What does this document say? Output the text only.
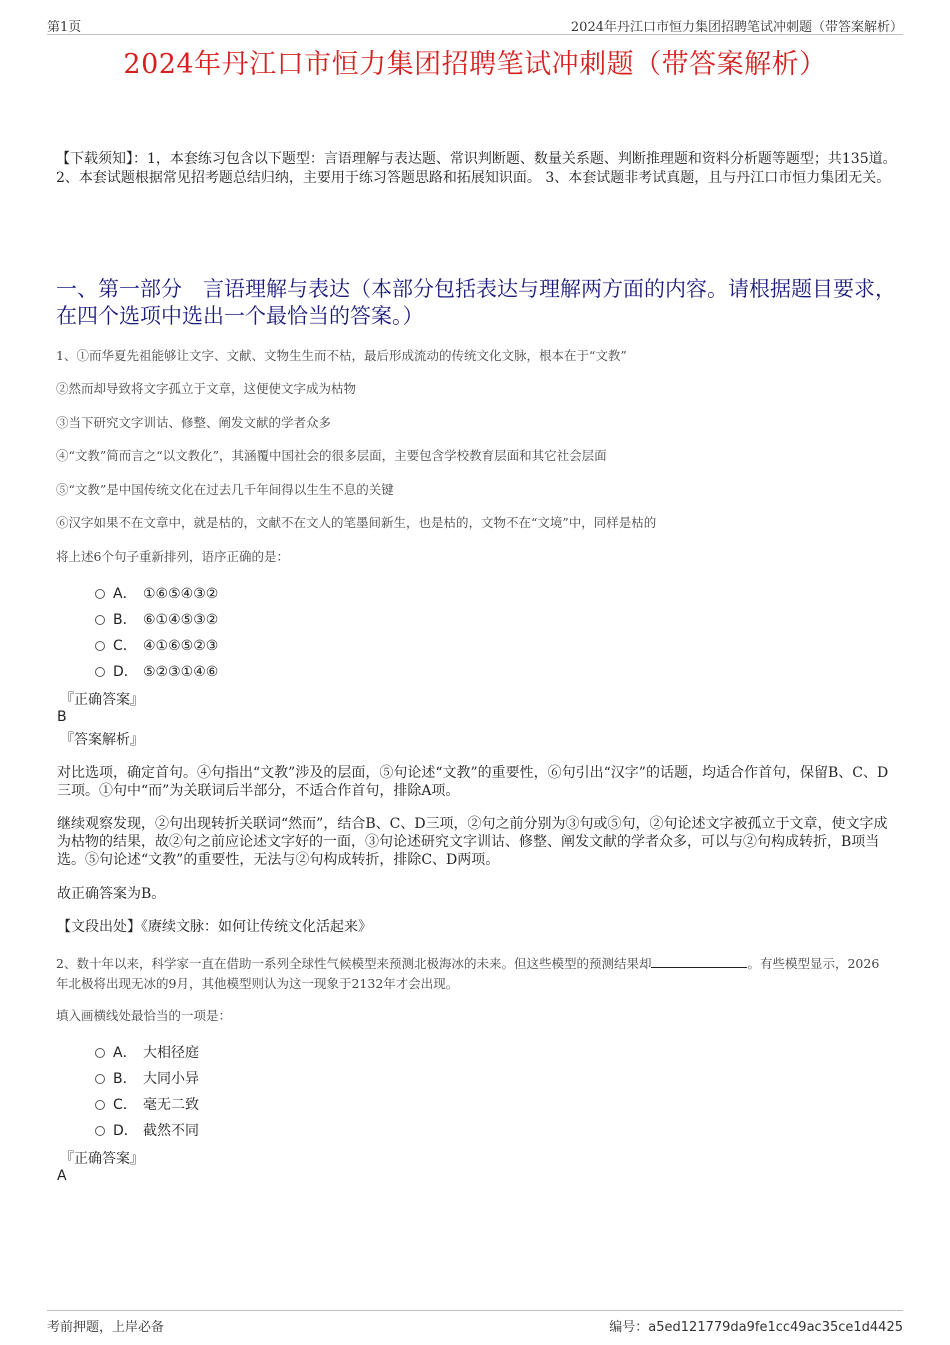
第1页	2024年丹江口市恒力集团招聘笔试冲刺题（带答案解析）
2024年丹江口市恒力集团招聘笔试冲刺题（带答案解析）
【下载须知】：1，本套练习包含以下题型：言语理解与表达题、常识判断题、数量关系题、判断推理题和资料分析题等题型；共135道。 2、本套试题根据常见招考题总结归纳，主要用于练习答题思路和拓展知识面。 3、本套试题非考试真题，且与丹江口市恒力集团无关。
一、第一部分　言语理解与表达（本部分包括表达与理解两方面的内容。请根据题目要求，在四个选项中选出一个最恰当的答案。）
1、①而华夏先祖能够让文字、文献、文物生生而不枯，最后形成流动的传统文化文脉，根本在于“文教”
②然而却导致将文字孤立于文章，这便使文字成为枯物
③当下研究文字训诂、修整、阐发文献的学者众多
④“文教”简而言之“以文教化”，其涵覆中国社会的很多层面，主要包含学校教育层面和其它社会层面
⑤“文教”是中国传统文化在过去几千年间得以生生不息的关键
⑥汉字如果不在文章中，就是枯的，文献不在文人的笔墨间新生，也是枯的，文物不在“文境”中，同样是枯的
将上述6个句子重新排列，语序正确的是：
A． ①⑥⑤④③②
B． ⑥①④⑤③②
C． ④①⑥⑤②③
D． ⑤②③①④⑥
『正确答案』
B
『答案解析』
对比选项，确定首句。④句指出“文教”涉及的层面，⑤句论述“文教”的重要性，⑥句引出“汉字”的话题，均适合作首句，保留B、C、D三项。①句中“而”为关联词后半部分，不适合作首句，排除A项。
继续观察发现，②句出现转折关联词“然而”，结合B、C、D三项，②句之前分别为③句或⑤句，②句论述文字被孤立于文章，使文字成为枯物的结果，故②句之前应论述文字好的一面，③句论述研究文字训诂、修整、阐发文献的学者众多，可以与②句构成转折，B项当选。⑤句论述“文教”的重要性，无法与②句构成转折，排除C、D两项。
故正确答案为B。
【文段出处】《赓续文脉：如何让传统文化活起来》
2、数十年以来，科学家一直在借助一系列全球性气候模型来预测北极海冰的未来。但这些模型的预测结果却	。有些模型显示，2026年北极将出现无冰的9月，其他模型则认为这一现象于2132年才会出现。
填入画横线处最恰当的一项是：
A． 大相径庭
B． 大同小异
C． 毫无二致
D． 截然不同
『正确答案』
A
考前押题，上岸必备	编号：a5ed121779da9fe1cc49ac35ce1d4425
